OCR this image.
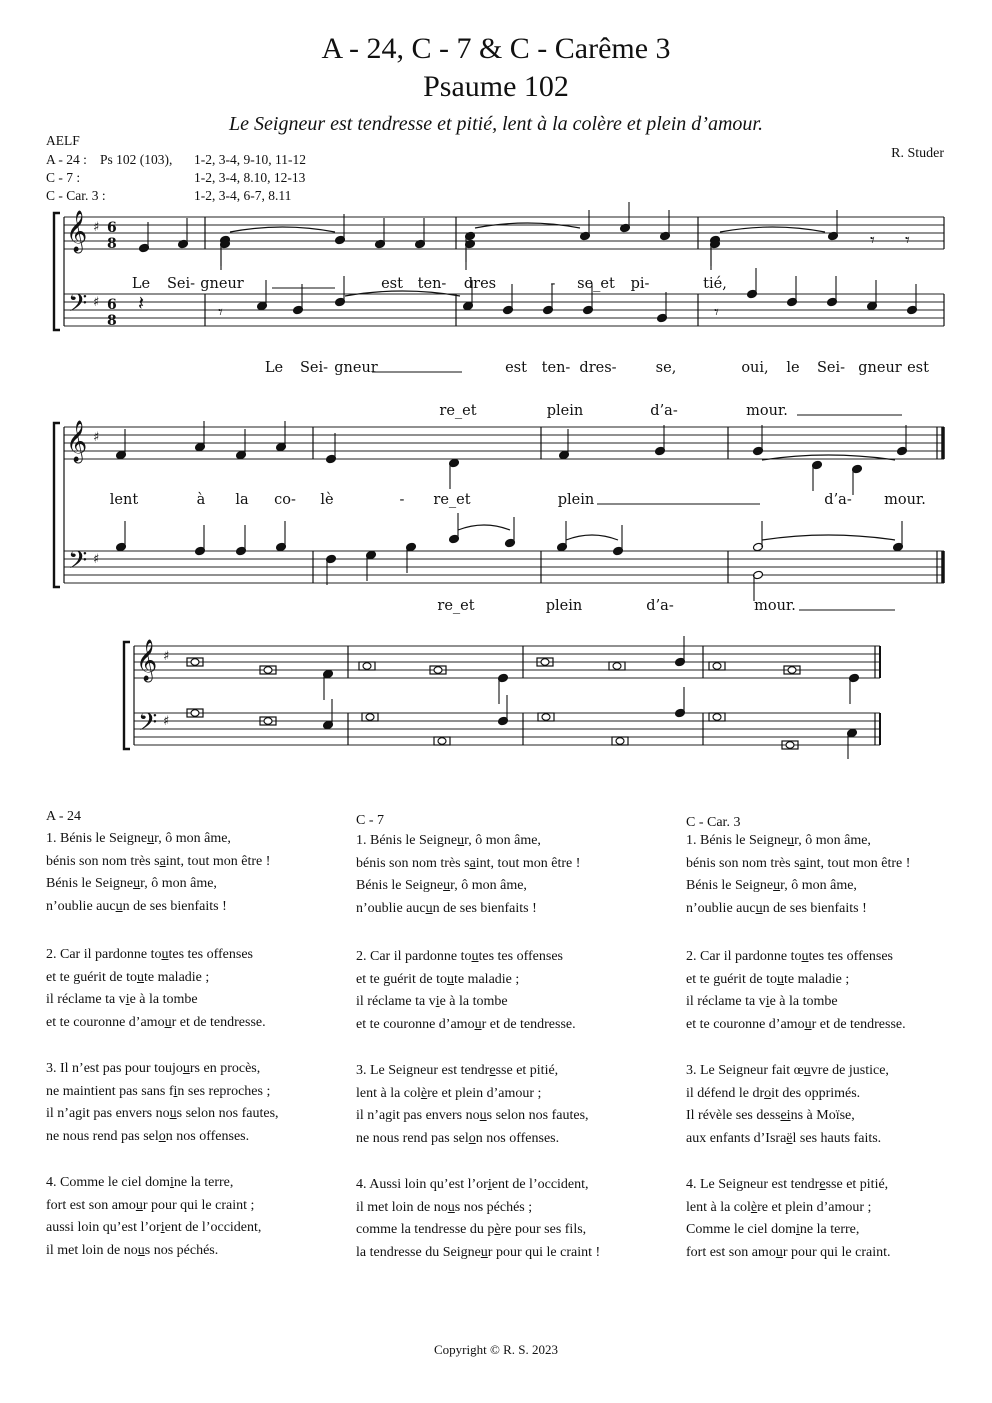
A - 24, C - 7 & C - Carême 3
Psaume 102
Le Seigneur est tendresse et pitié, lent à la colère et plein d’amour.
AELF
R. Studer
A - 24 : Ps 102 (103), 1-2, 3-4, 9-10, 11-12
C - 7 :	1-2, 3-4, 8.10, 12-13
C - Car. 3 :	1-2, 3-4, 6-7, 8.11
𝄞
𝄢
♯
♯
6
8
6
8
𝄾 𝄾
𝄽	𝄾	𝄾
Le Sei- gneur	est ten- dres	- se_et pi-	tié,
Le Sei- gneur	est ten- dres-	se,	oui, le Sei- gneur est
𝄞
𝄢
♯
♯
re_et	plein	d’a-	mour.
lent	à la co- lè	- re_et	plein	d’a- mour.
re_et	plein	d’a-	mour.
𝄞
𝄢
♯
♯
A - 24
1. Bénis le Seigneur, ô mon âme,
bénis son nom très saint, tout mon être !
Bénis le Seigneur, ô mon âme,
n’oublie aucun de ses bienfaits !
2. Car il pardonne toutes tes offenses
et te guérit de toute maladie ;
il réclame ta vie à la tombe
et te couronne d’amour et de tendresse.
3. Il n’est pas pour toujours en procès,
ne maintient pas sans fin ses reproches ;
il n’agit pas envers nous selon nos fautes,
ne nous rend pas selon nos offenses.
4. Comme le ciel domine la terre,
fort est son amour pour qui le craint ;
aussi loin qu’est l’orient de l’occident,
il met loin de nous nos péchés.
C - 7
1. Bénis le Seigneur, ô mon âme,
bénis son nom très saint, tout mon être !
Bénis le Seigneur, ô mon âme,
n’oublie aucun de ses bienfaits !
2. Car il pardonne toutes tes offenses
et te guérit de toute maladie ;
il réclame ta vie à la tombe
et te couronne d’amour et de tendresse.
3. Le Seigneur est tendresse et pitié,
lent à la colère et plein d’amour ;
il n’agit pas envers nous selon nos fautes,
ne nous rend pas selon nos offenses.
4. Aussi loin qu’est l’orient de l’occident,
il met loin de nous nos péchés ;
comme la tendresse du père pour ses fils,
la tendresse du Seigneur pour qui le craint !
C - Car. 3
1. Bénis le Seigneur, ô mon âme,
bénis son nom très saint, tout mon être !
Bénis le Seigneur, ô mon âme,
n’oublie aucun de ses bienfaits !
2. Car il pardonne toutes tes offenses
et te guérit de toute maladie ;
il réclame ta vie à la tombe
et te couronne d’amour et de tendresse.
3. Le Seigneur fait œuvre de justice,
il défend le droit des opprimés.
Il révèle ses desseins à Moïse,
aux enfants d’Israël ses hauts faits.
4. Le Seigneur est tendresse et pitié,
lent à la colère et plein d’amour ;
Comme le ciel domine la terre,
fort est son amour pour qui le craint.
Copyright © R. S. 2023
